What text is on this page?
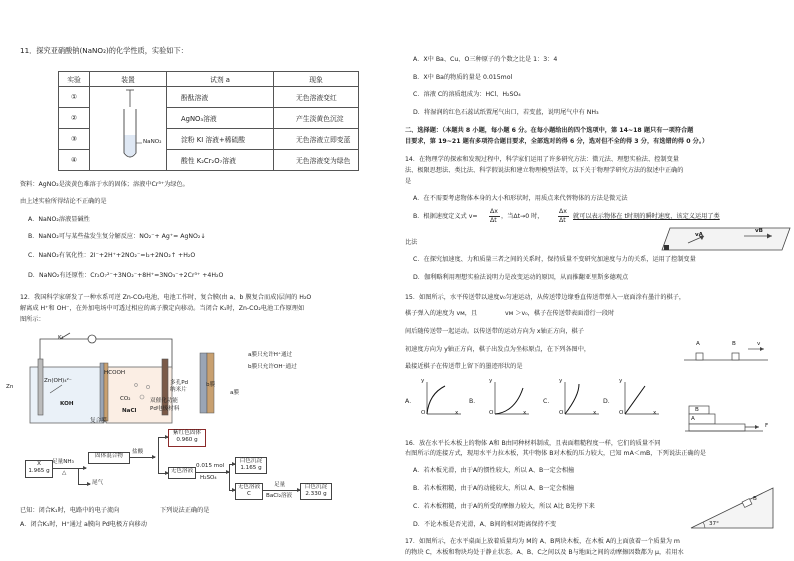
11．探究亚硝酸钠(NaNO₂)的化学性质，实验如下：
实验	装置	试剂 a	现象
①	NaNO₂	酚酞溶液	无色溶液变红
②		AgNO₃溶液	产生淡黄色沉淀
③		淀粉 KI 溶液+稀硫酸	无色溶液立即变蓝
④		酸性 K₂Cr₂O₇溶液	无色溶液变为绿色
资料：AgNO₂是淡黄色难溶于水的固体；溶液中Cr³⁺为绿色。
由上述实验所得结论不正确的是
A．NaNO₂溶液显碱性
B．NaNO₂可与某些盐发生复分解反应：NO₂⁻+ Ag⁺= AgNO₂↓
C．NaNO₂有氧化性：2I⁻+2H⁺+2NO₂⁻=I₂+2NO₂↑ +H₂O
D．NaNO₂有还原性：Cr₂O₇²⁻+3NO₂⁻+8H⁺=3NO₃⁻+2Cr³⁺ +4H₂O
12．我国科学家研发了一种水系可逆 Zn-CO₂电池，电池工作时，复合膜(由 a、b 膜复合而成)层间的 H₂O
解离成 H⁺和 OH⁻，在外加电场中可透过相应的离子膜定向移动。当闭合 K₁时，Zn-CO₂电池工作原理如
图所示：
K₁
Zn
Zn(OH)₄²⁻
HCOOH
CO₂
KOH
NaCl
复合膜
多孔Pd
纳米片
双催化功能
Pd电极材料
a膜只允许H⁺通过
b膜只允许OH⁻通过
a膜
b膜
X
1.965 g
足量NH₃
△
尾气
固体混合物
盐酸
紫红色固体
0.960 g
无色溶液
0.015 mol
H₂SO₄
白色沉淀
1.165 g
无色溶液
C
足量
BaCl₂溶液
白色沉淀
2.330 g
已知：闭合K₁时，电路中的电子流向	下列说法正确的是
A．闭合K₁时，H⁺通过 a膜向 Pd电极方向移动
A．X中 Ba、Cu、O三种原子的个数之比是 1：3：4
B．X中 Ba的物质的量是 0.015mol
C．溶液 C的溶质组成为：HCl、H₂SO₄
D．将湿润的红色石蕊试纸置尾气出口，若变蓝，说明尾气中有 NH₃
二、选择题：（本题共 8 小题，每小题 6 分。在每小题给出的四个选项中，第 14~18 题只有一项符合题
目要求，第 19~21 题有多项符合题目要求，全部选对的得 6 分，选对但不全的得 3 分，有选错的得 0 分。）
14．在物理学的探索和发现过程中，科学家们运用了许多研究方法：微元法、理想实验法、控制变量
法、极限思想法、类比法、科学假说法和建立物理模型法等，以下关于物理学研究方法的叙述中正确的
是
A．在不需要考虑物体本身的大小和形状时，用质点来代替物体的方法是微元法
B．根据速度定义式 v=
Δx
Δt
，当Δt→0 时，
Δx
Δt
就可以表示物体在 t时刻的瞬时速度，该定义运用了类
比法
vA
vB
C．在探究加速度、力和质量三者之间的关系时，保持质量不变研究加速度与力的关系，运用了控制变量
D．伽利略利用理想实验法说明力是改变运动的原因，从而推翻亚里斯多德观点
15．如图所示，水平传送带以速度v₀匀速运动，从传送带边缘垂直传送带弹入一底面涂有墨汁的棋子，
棋子弹入的速度为 vᴍ，且	vᴍ ＞v₀，棋子在传送带表面滑行一段时
间后随传送带一起运动。以传送带的运动方向为 x轴正方向，棋子
初速度方向为 y轴正方向，棋子出发点为坐标原点，在下列各图中，
最接近棋子在传送带上留下的墨迹形状的是
A	B	v
A．	B．	C．	D．
x	x	x	x
y	y	y	y
O	O	O	O	B
A
F
16．放在水平长木板上的物体 A和 B由同种材料制成，且表面粗糙程度一样，它们的质量不同
右图所示的连接方式，现用水平力拉木板，其中物体 B对木板的压力较大，已知 mA＜mB，下列说法正确的是
A．若木板光滑，由于A的惯性较大，所以 A、B一定会相撞
B．若木板粗糙，由于A的动能较大，所以 A、B一定会相撞
C．若木板粗糙，由于A的所受的摩擦力较大，所以 A比 B先停下来
D．不论木板是否光滑，A、B间的相对距离保持不变	37°
B
17．如图所示，在水平桌面上放着质量均为 M的 A、B两块木板，在木板 A的上面放着一个质量为 m
的物块 C，木板和物块均处于静止状态。A、B、C之间以及 B与地面之间的动摩擦因数都为 μ，若用水
